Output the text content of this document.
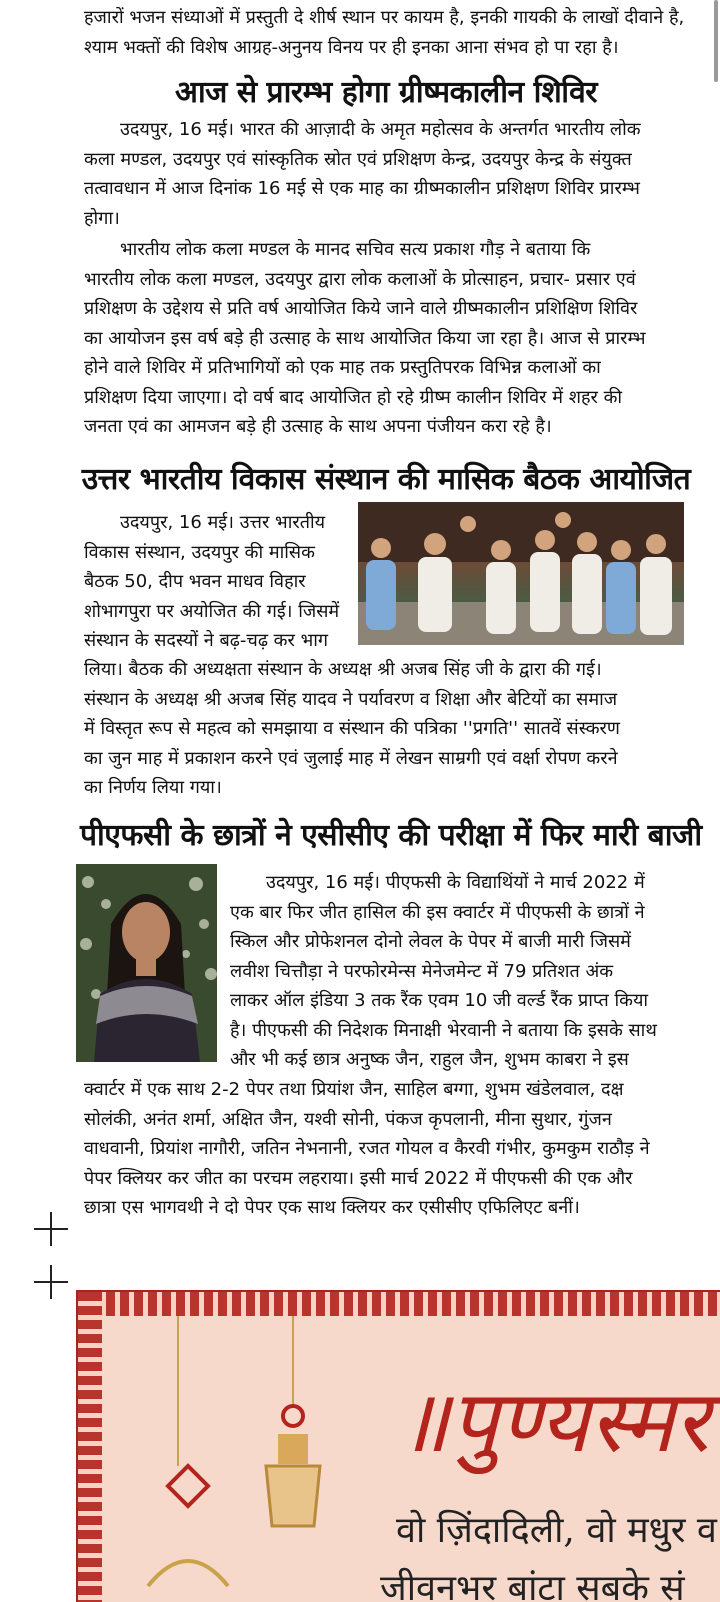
हजारों भजन संध्याओं में प्रस्तुती दे शीर्ष स्थान पर कायम है, इनकी गायकी के लाखों दीवाने है,
श्याम भक्तों की विशेष आग्रह-अनुनय विनय पर ही इनका आना संभव हो पा रहा है।
आज से प्रारम्भ होगा ग्रीष्मकालीन शिविर
उदयपुर, 16 मई। भारत की आज़ादी के अमृत महोत्सव के अन्तर्गत भारतीय लोक
कला मण्डल, उदयपुर एवं सांस्कृतिक स्रोत एवं प्रशिक्षण केन्द्र, उदयपुर केन्द्र के संयुक्त
तत्वावधान में आज दिनांक 16 मई से एक माह का ग्रीष्मकालीन प्रशिक्षण शिविर प्रारम्भ
होगा।
भारतीय लोक कला मण्डल के मानद सचिव सत्य प्रकाश गौड़ ने बताया कि
भारतीय लोक कला मण्डल, उदयपुर द्वारा लोक कलाओं के प्रोत्साहन, प्रचार- प्रसार एवं
प्रशिक्षण के उद्देशय से प्रति वर्ष आयोजित किये जाने वाले ग्रीष्मकालीन प्रशिक्षिण शिविर
का आयोजन इस वर्ष बड़े ही उत्साह के साथ आयोजित किया जा रहा है। आज से प्रारम्भ
होने वाले शिविर में प्रतिभागियों को एक माह तक प्रस्तुतिपरक विभिन्न कलाओं का
प्रशिक्षण दिया जाएगा। दो वर्ष बाद आयोजित हो रहे ग्रीष्म कालीन शिविर में शहर की
जनता एवं का आमजन बड़े ही उत्साह के साथ अपना पंजीयन करा रहे है।
उत्तर भारतीय विकास संस्थान की मासिक बैठक आयोजित
उदयपुर, 16 मई। उत्तर भारतीय
विकास संस्थान, उदयपुर की मासिक
बैठक 50, दीप भवन माधव विहार
शोभागपुरा पर अयोजित की गई। जिसमें
संस्थान के सदस्यों ने बढ़-चढ़ कर भाग
लिया। बैठक की अध्यक्षता संस्थान के अध्यक्ष श्री अजब सिंह जी के द्वारा की गई।
संस्थान के अध्यक्ष श्री अजब सिंह यादव ने पर्यावरण व शिक्षा और बेटियों का समाज
में विस्तृत रूप से महत्व को समझाया व संस्थान की पत्रिका ''प्रगति'' सातवें संस्करण
का जुन माह में प्रकाशन करने एवं जुलाई माह में लेखन साम्रगी एवं वर्क्षा रोपण करने
का निर्णय लिया गया।
पीएफसी के छात्रों ने एसीसीए की परीक्षा में फिर मारी बाजी
उदयपुर, 16 मई। पीएफसी के विद्याथिंयों ने मार्च 2022 में
एक बार फिर जीत हासिल की इस क्वार्टर में पीएफसी के छात्रों ने
स्किल और प्रोफेशनल दोनो लेवल के पेपर में बाजी मारी जिसमें
लवीश चित्तौड़ा ने परफोरमेन्स मेनेजमेन्ट में 79 प्रतिशत अंक
लाकर ऑल इंडिया 3 तक रैंक एवम 10 जी वर्ल्ड रैंक प्राप्त किया
है। पीएफसी की निदेशक मिनाक्षी भेरवानी ने बताया कि इसके साथ
और भी कई छात्र अनुष्क जैन, राहुल जैन, शुभम काबरा ने इस
क्वार्टर में एक साथ 2-2 पेपर तथा प्रियांश जैन, साहिल बग्गा, शुभम खंडेलवाल, दक्ष
सोलंकी, अनंत शर्मा, अक्षित जैन, यश्वी सोनी, पंकज कृपलानी, मीना सुथार, गुंजन
वाधवानी, प्रियांश नागौरी, जतिन नेभनानी, रजत गोयल व कैरवी गंभीर, कुमकुम राठौड़ ने
पेपर क्लियर कर जीत का परचम लहराया। इसी मार्च 2022 में पीएफसी की एक और
छात्रा एस भागवथी ने दो पेपर एक साथ क्लियर कर एसीसीए एफिलिएट बनीं।
॥पुण्यस्मर
वो ज़िंदादिली, वो मधुर व
जीवनभर बांटा सबके सं
